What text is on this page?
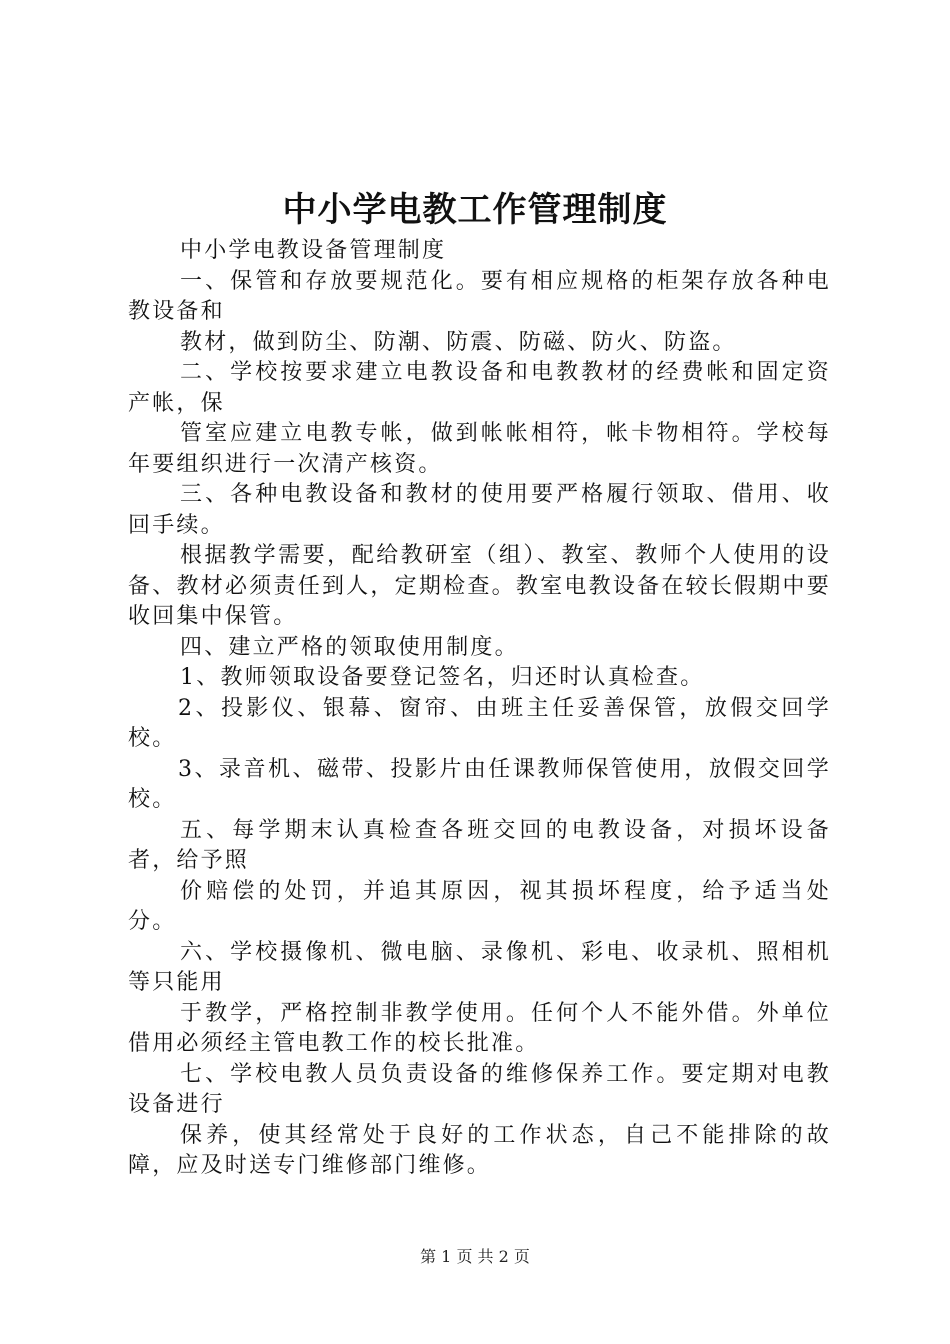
中小学电教工作管理制度

中小学电教设备管理制度

一、保管和存放要规范化。要有相应规格的柜架存放各种电教设备和

教材，做到防尘、防潮、防震、防磁、防火、防盗。

二、学校按要求建立电教设备和电教教材的经费帐和固定资产帐，保

管室应建立电教专帐，做到帐帐相符，帐卡物相符。学校每年要组织进行一次清产核资。

三、各种电教设备和教材的使用要严格履行领取、借用、收回手续。

根据教学需要，配给教研室（组）、教室、教师个人使用的设备、教材必须责任到人，定期检查。教室电教设备在较长假期中要收回集中保管。

四、建立严格的领取使用制度。

1、教师领取设备要登记签名，归还时认真检查。

2、投影仪、银幕、窗帘、由班主任妥善保管，放假交回学校。

3、录音机、磁带、投影片由任课教师保管使用，放假交回学校。

五、每学期末认真检查各班交回的电教设备，对损坏设备者，给予照

价赔偿的处罚，并追其原因，视其损坏程度，给予适当处分。

六、学校摄像机、微电脑、录像机、彩电、收录机、照相机等只能用

于教学，严格控制非教学使用。任何个人不能外借。外单位借用必须经主管电教工作的校长批准。

七、学校电教人员负责设备的维修保养工作。要定期对电教设备进行

保养，使其经常处于良好的工作状态，自己不能排除的故障，应及时送专门维修部门维修。

第 1 页 共 2 页
